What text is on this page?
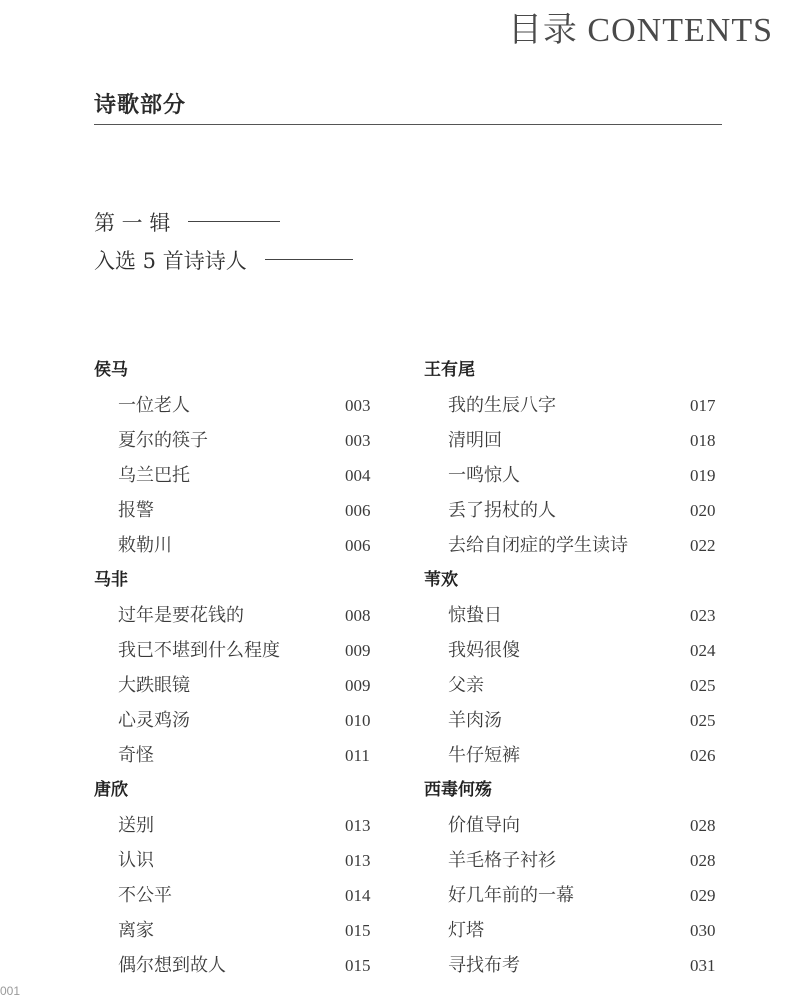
目录 CONTENTS
诗歌部分
第 一 辑
入选 5 首诗诗人
侯马
一位老人	003
夏尔的筷子	003
乌兰巴托	004
报警	006
敕勒川	006
马非
过年是要花钱的	008
我已不堪到什么程度	009
大跌眼镜	009
心灵鸡汤	010
奇怪	011
唐欣
送别	013
认识	013
不公平	014
离家	015
偶尔想到故人	015
王有尾
我的生辰八字	017
清明回	018
一鸣惊人	019
丢了拐杖的人	020
去给自闭症的学生读诗	022
苇欢
惊蛰日	023
我妈很傻	024
父亲	025
羊肉汤	025
牛仔短裤	026
西毒何殇
价值导向	028
羊毛格子衬衫	028
好几年前的一幕	029
灯塔	030
寻找布考	031
001
